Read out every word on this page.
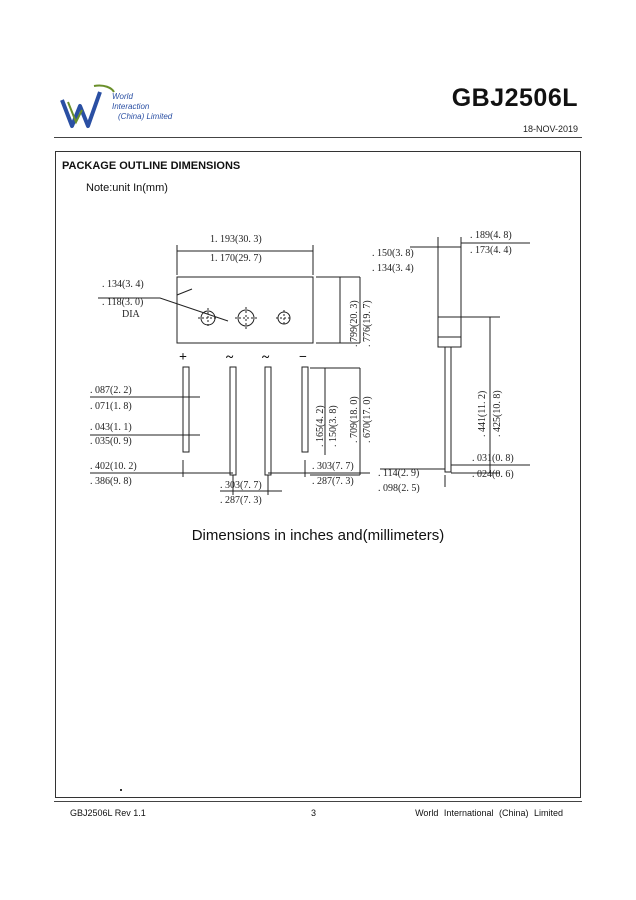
World
Interaction
(China) Limited
GBJ2506L
18-NOV-2019
PACKAGE OUTLINE DIMENSIONS
Note:unit In(mm)
1. 193(30. 3)
1. 170(29. 7)
. 134(3. 4)
. 118(3. 0)
DIA
. 087(2. 2)
. 071(1. 8)
. 043(1. 1)
. 035(0. 9)
. 402(10. 2)
. 386(9. 8)	. 303(7. 7)
. 287(7. 3)
. 303(7. 7)
. 287(7. 3)
. 150(3. 8)
. 134(3. 4)
. 189(4. 8)
. 173(4. 4)
. 114(2. 9)
. 098(2. 5)
. 031(0. 8)
. 024(0. 6)
. 799(20. 3) . 776(19. 7)
. 709(18. 0) . 670(17. 0)
. 165(4. 2) . 150(3. 8)	. 441(11. 2) . 425(10. 8)
+	~ ~ −
Dimensions in inches and(millimeters)
GBJ2506L Rev 1.1	3	World International (China) Limited
